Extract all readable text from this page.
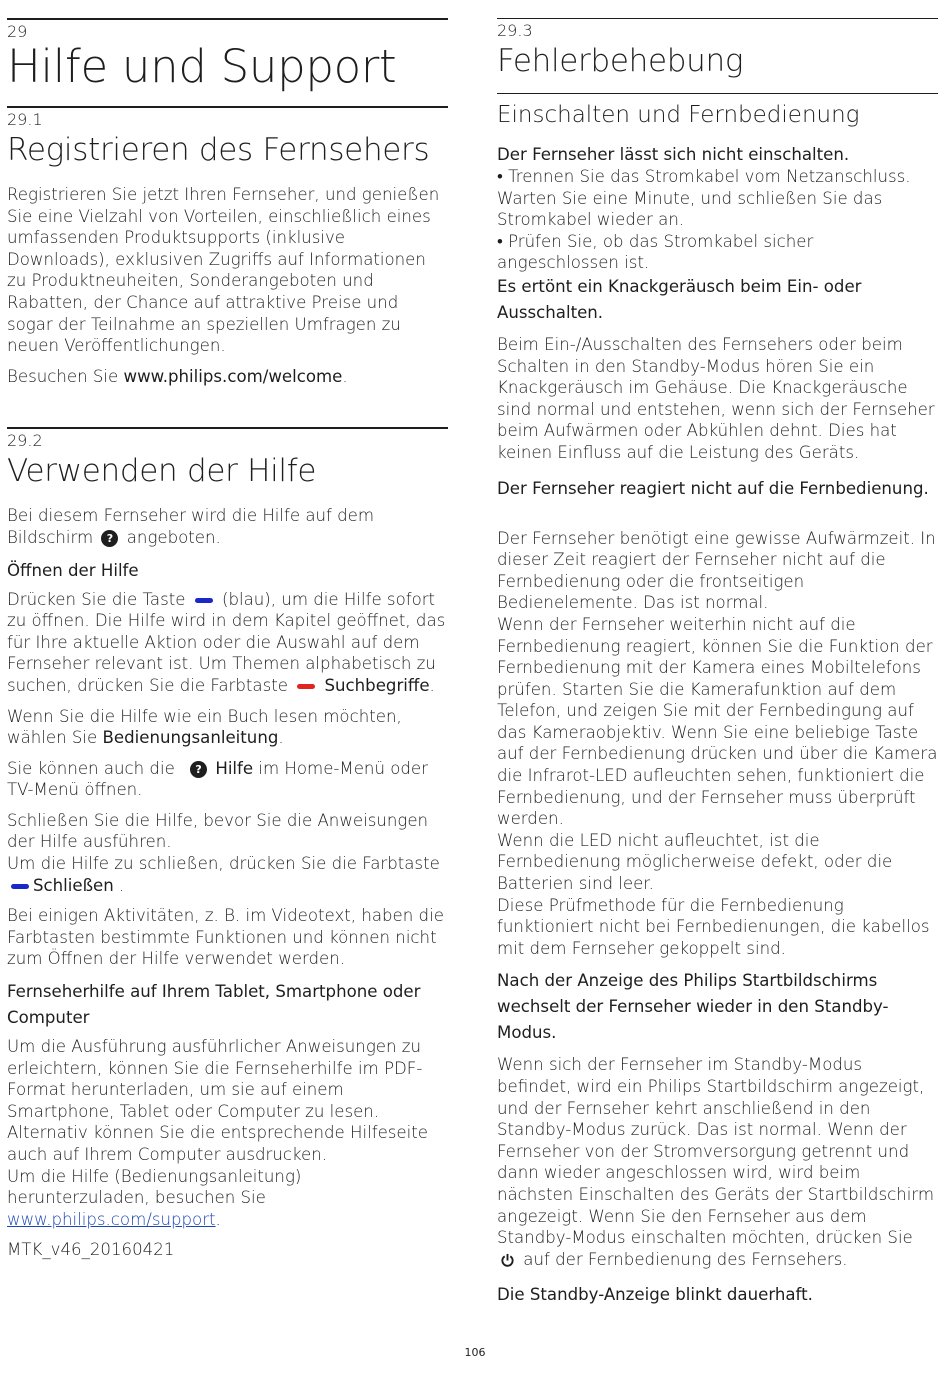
29
Hilfe und Support
29.1
Registrieren des Fernsehers

Registrieren Sie jetzt Ihren Fernseher, und genießen Sie eine Vielzahl von Vorteilen, einschließlich eines umfassenden Produktsupports (inklusive Downloads), exklusiven Zugriffs auf Informationen zu Produktneuheiten, Sonderangeboten und Rabatten, der Chance auf attraktive Preise und sogar der Teilnahme an speziellen Umfragen zu neuen Veröffentlichungen.

Besuchen Sie www.philips.com/welcome.

29.2
Verwenden der Hilfe

Bei diesem Fernseher wird die Hilfe auf dem Bildschirm ? angeboten.

Öffnen der Hilfe

Drücken Sie die Taste  (blau), um die Hilfe sofort zu öffnen. Die Hilfe wird in dem Kapitel geöffnet, das für Ihre aktuelle Aktion oder die Auswahl auf dem Fernseher relevant ist. Um Themen alphabetisch zu suchen, drücken Sie die Farbtaste  Suchbegriffe.

Wenn Sie die Hilfe wie ein Buch lesen möchten, wählen Sie Bedienungsanleitung.

Sie können auch die ? Hilfe im Home-Menü oder TV-Menü öffnen.

Schließen Sie die Hilfe, bevor Sie die Anweisungen der Hilfe ausführen.

Um die Hilfe zu schließen, drücken Sie die Farbtaste Schließen .

Bei einigen Aktivitäten, z. B. im Videotext, haben die Farbtasten bestimmte Funktionen und können nicht zum Öffnen der Hilfe verwendet werden.

Fernseherhilfe auf Ihrem Tablet, Smartphone oder Computer

Um die Ausführung ausführlicher Anweisungen zu erleichtern, können Sie die Fernseherhilfe im PDF-Format herunterladen, um sie auf einem Smartphone, Tablet oder Computer zu lesen. Alternativ können Sie die entsprechende Hilfeseite auch auf Ihrem Computer ausdrucken.

Um die Hilfe (Bedienungsanleitung) herunterzuladen, besuchen Sie www.philips.com/support.

MTK_v46_20160421

29.3
Fehlerbehebung
Einschalten und Fernbedienung
Der Fernseher lässt sich nicht einschalten.

• Trennen Sie das Stromkabel vom Netzanschluss. Warten Sie eine Minute, und schließen Sie das Stromkabel wieder an.

• Prüfen Sie, ob das Stromkabel sicher angeschlossen ist.

Es ertönt ein Knackgeräusch beim Ein- oder Ausschalten.

Beim Ein-/Ausschalten des Fernsehers oder beim Schalten in den Standby-Modus hören Sie ein Knackgeräusch im Gehäuse. Die Knackgeräusche sind normal und entstehen, wenn sich der Fernseher beim Aufwärmen oder Abkühlen dehnt. Dies hat keinen Einfluss auf die Leistung des Geräts.

Der Fernseher reagiert nicht auf die Fernbedienung.

Der Fernseher benötigt eine gewisse Aufwärmzeit. In dieser Zeit reagiert der Fernseher nicht auf die Fernbedienung oder die frontseitigen Bedienelemente. Das ist normal.

Wenn der Fernseher weiterhin nicht auf die Fernbedienung reagiert, können Sie die Funktion der Fernbedienung mit der Kamera eines Mobiltelefons prüfen. Starten Sie die Kamerafunktion auf dem Telefon, und zeigen Sie mit der Fernbedingung auf das Kameraobjektiv. Wenn Sie eine beliebige Taste auf der Fernbedienung drücken und über die Kamera die Infrarot-LED aufleuchten sehen, funktioniert die Fernbedienung, und der Fernseher muss überprüft werden.

Wenn die LED nicht aufleuchtet, ist die Fernbedienung möglicherweise defekt, oder die Batterien sind leer.

Diese Prüfmethode für die Fernbedienung funktioniert nicht bei Fernbedienungen, die kabellos mit dem Fernseher gekoppelt sind.

Nach der Anzeige des Philips Startbildschirms wechselt der Fernseher wieder in den Standby-Modus.

Wenn sich der Fernseher im Standby-Modus befindet, wird ein Philips Startbildschirm angezeigt, und der Fernseher kehrt anschließend in den Standby-Modus zurück. Das ist normal. Wenn der Fernseher von der Stromversorgung getrennt und dann wieder angeschlossen wird, wird beim nächsten Einschalten des Geräts der Startbildschirm angezeigt. Wenn Sie den Fernseher aus dem Standby-Modus einschalten möchten, drücken Sie  auf der Fernbedienung des Fernsehers.

Die Standby-Anzeige blinkt dauerhaft.
106
